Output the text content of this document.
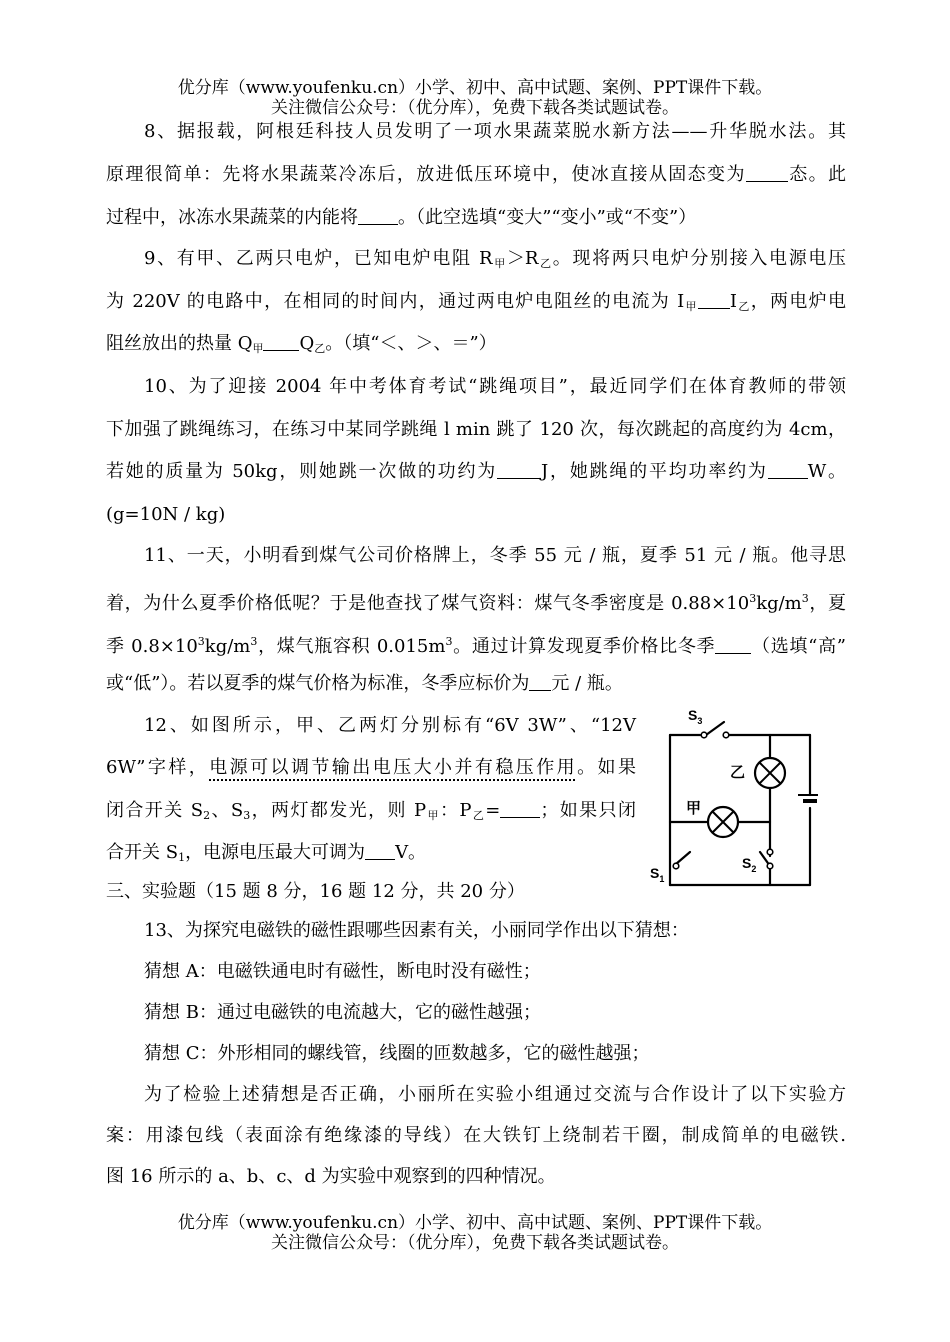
优分库（www.youfenku.cn）小学、初中、高中试题、案例、PPT课件下载。
关注微信公众号：（优分库），免费下载各类试题试卷。
8、据报载，阿根廷科技人员发明了一项水果蔬菜脱水新方法——升华脱水法。其
原理很简单：先将水果蔬菜冷冻后，放进低压环境中，使冰直接从固态变为 态。此
过程中，冰冻水果蔬菜的内能将 。（此空选填“变大”“变小”或“不变”）
9、有甲、乙两只电炉，已知电炉电阻 $R_甲>R_乙$。现将两只电炉分别接入电源电压
为 220V 的电路中，在相同的时间内，通过两电炉电阻丝的电流为 $I_甲$ $I_乙$，两电炉电
阻丝放出的热量 $Q_甲$ $Q_乙$。（填“＜、＞、＝”）
10、为了迎接 2004 年中考体育考试“跳绳项目”，最近同学们在体育教师的带领
下加强了跳绳练习，在练习中某同学跳绳 l min 跳了 120 次，每次跳起的高度约为 4cm，
若她的质量为 50kg，则她跳一次做的功约为 J，她跳绳的平均功率约为 W。
(g=10N / kg)
11、一天，小明看到煤气公司价格牌上，冬季 55 元 / 瓶，夏季 51 元 / 瓶。他寻思
着，为什么夏季价格低呢？于是他查找了煤气资料：煤气冬季密度是 $0.88\times 10^3kg/m^3$，夏
季 $0.8\times 10^3kg/m^3$，煤气瓶容积 $0.015m^3$。通过计算发现夏季价格比冬季 （选填“高”
或“低”）。若以夏季的煤气价格为标准，冬季应标价为 元 / 瓶。
12、如图所示，甲、乙两灯分别标有“6V 3W”、“12V
6W”字样，电源可以调节输出电压大小并有稳压作用。如果
闭合开关 $S_2$、$S_3$，两灯都发光，则 $P_甲$：$P_乙=$ ；如果只闭
合开关 $S_1$，电源电压最大可调为 V。
$S_3$
$S_1$
$S_2$
乙
甲
三、实验题（15 题 8 分，16 题 12 分，共 20 分）
13、为探究电磁铁的磁性跟哪些因素有关，小丽同学作出以下猜想：
猜想 A：电磁铁通电时有磁性，断电时没有磁性；
猜想 B：通过电磁铁的电流越大，它的磁性越强；
猜想 C：外形相同的螺线管，线圈的匝数越多，它的磁性越强；
为了检验上述猜想是否正确，小丽所在实验小组通过交流与合作设计了以下实验方
案：用漆包线（表面涂有绝缘漆的导线）在大铁钉上绕制若干圈，制成简单的电磁铁.
图 16 所示的 a、b、c、d 为实验中观察到的四种情况。
优分库（www.youfenku.cn）小学、初中、高中试题、案例、PPT课件下载。
关注微信公众号：（优分库），免费下载各类试题试卷。
